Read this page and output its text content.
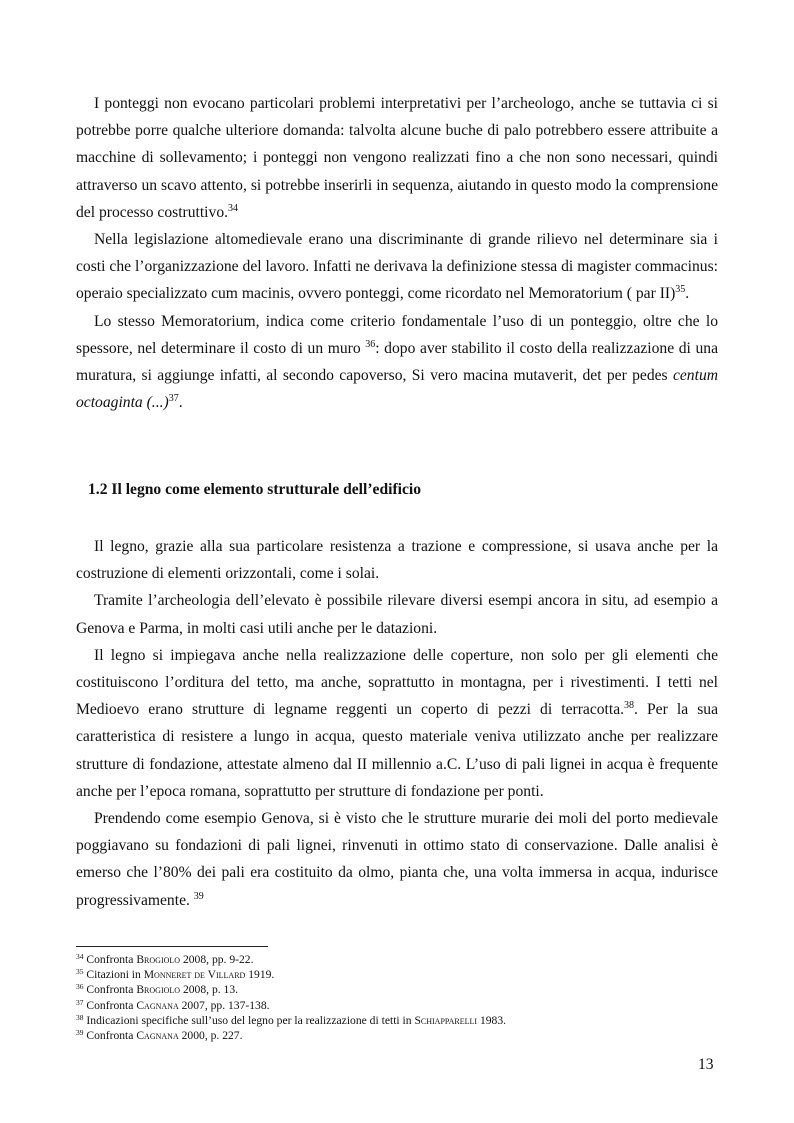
I ponteggi non evocano particolari problemi interpretativi per l’archeologo, anche se tuttavia ci si potrebbe porre qualche ulteriore domanda: talvolta alcune buche di palo potrebbero essere attribuite a macchine di sollevamento; i ponteggi non vengono realizzati fino a che non sono necessari, quindi attraverso un scavo attento, si potrebbe inserirli in sequenza, aiutando in questo modo la comprensione del processo costruttivo.$^{34}$

Nella legislazione altomedievale erano una discriminante di grande rilievo nel determinare sia i costi che l’organizzazione del lavoro. Infatti ne derivava la definizione stessa di magister commacinus: operaio specializzato cum macinis, ovvero ponteggi, come ricordato nel Memoratorium ( par II)$^{35}$.

Lo stesso Memoratorium, indica come criterio fondamentale l’uso di un ponteggio, oltre che lo spessore, nel determinare il costo di un muro $^{36}$: dopo aver stabilito il costo della realizzazione di una muratura, si aggiunge infatti, al secondo capoverso, Si vero macina mutaverit, det per pedes centum octoaginta (...)$^{37}$.

1.2 Il legno come elemento strutturale dell’edificio

Il legno, grazie alla sua particolare resistenza a trazione e compressione, si usava anche per la costruzione di elementi orizzontali, come i solai.

Tramite l’archeologia dell’elevato è possibile rilevare diversi esempi ancora in situ, ad esempio a Genova e Parma, in molti casi utili anche per le datazioni.

Il legno si impiegava anche nella realizzazione delle coperture, non solo per gli elementi che costituiscono l’orditura del tetto, ma anche, soprattutto in montagna, per i rivestimenti. I tetti nel Medioevo erano strutture di legname reggenti un coperto di pezzi di terracotta.$^{38}$. Per la sua caratteristica di resistere a lungo in acqua, questo materiale veniva utilizzato anche per realizzare strutture di fondazione, attestate almeno dal II millennio a.C. L’uso di pali lignei in acqua è frequente anche per l’epoca romana, soprattutto per strutture di fondazione per ponti.

Prendendo come esempio Genova, si è visto che le strutture murarie dei moli del porto medievale poggiavano su fondazioni di pali lignei, rinvenuti in ottimo stato di conservazione. Dalle analisi è emerso che l’80% dei pali era costituito da olmo, pianta che, una volta immersa in acqua, indurisce progressivamente. $^{39}$

$^{34}$ Confronta Brogiolo 2008, pp. 9-22.
$^{35}$ Citazioni in Monneret de Villard 1919.
$^{36}$ Confronta Brogiolo 2008, p. 13.
$^{37}$ Confronta Cagnana 2007, pp. 137-138.
$^{38}$ Indicazioni specifiche sull’uso del legno per la realizzazione di tetti in Schiapparelli 1983.
$^{39}$ Confronta Cagnana 2000, p. 227.
13
